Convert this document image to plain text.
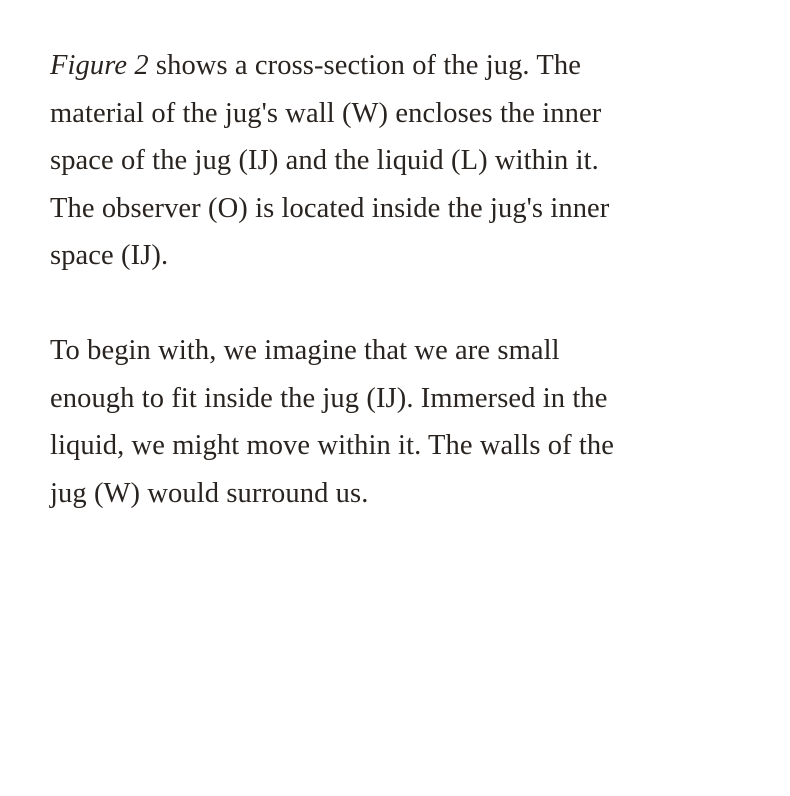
Figure 2 shows a cross-section of the jug. The
material of the jug's wall (W) encloses the inner
space of the jug (IJ) and the liquid (L) within it.
The observer (O) is located inside the jug's inner
space (IJ).

To begin with, we imagine that we are small
enough to fit inside the jug (IJ). Immersed in the
liquid, we might move within it. The walls of the
jug (W) would surround us.
